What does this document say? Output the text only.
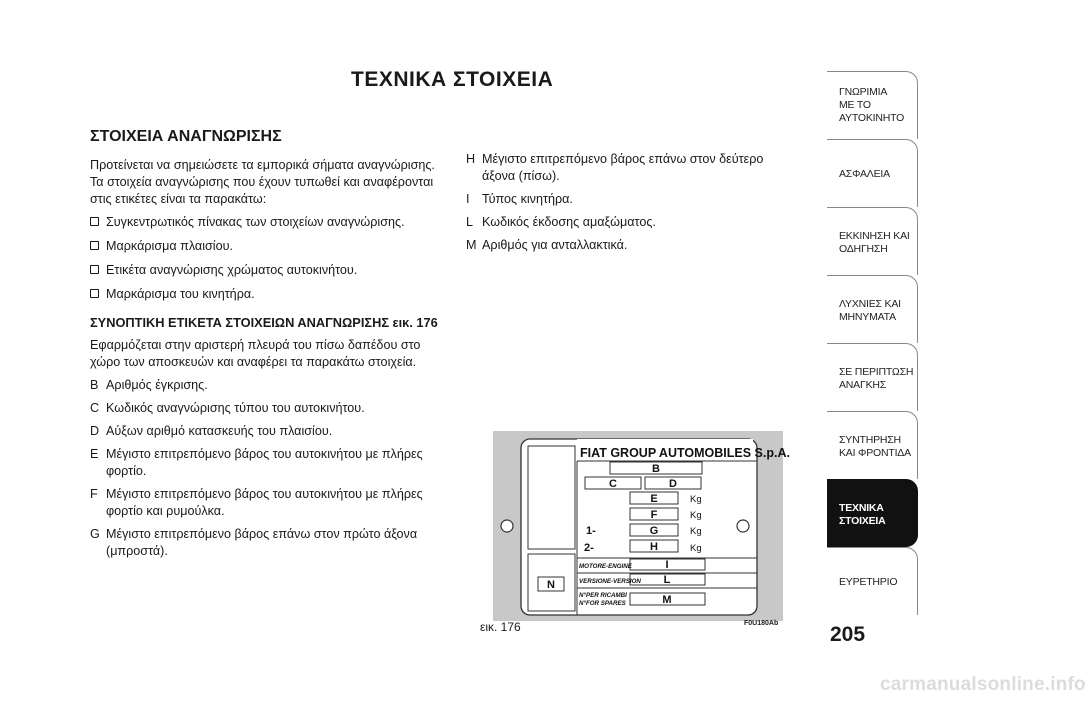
ΤΕΧΝΙΚΑ ΣΤΟΙΧΕΙΑ
ΣΤΟΙΧΕΙΑ ΑΝΑΓΝΩΡΙΣΗΣ
Προτείνεται να σημειώσετε τα εμπορικά σήματα αναγνώρισης. Τα στοιχεία αναγνώρισης που έχουν τυπωθεί και αναφέρονται στις ετικέτες είναι τα παρακάτω:
Συγκεντρωτικός πίνακας των στοιχείων αναγνώρισης.
Μαρκάρισμα πλαισίου.
Ετικέτα αναγνώρισης χρώματος αυτοκινήτου.
Μαρκάρισμα του κινητήρα.
ΣΥΝΟΠΤΙΚΗ ΕΤΙΚΕΤΑ ΣΤΟΙΧΕΙΩΝ ΑΝΑΓΝΩΡΙΣΗΣ εικ. 176
Εφαρμόζεται στην αριστερή πλευρά του πίσω δαπέδου στο χώρο των αποσκευών και αναφέρει τα παρακάτω στοιχεία.
B Αριθμός έγκρισης.
C Κωδικός αναγνώρισης τύπου του αυτοκινήτου.
D Αύξων αριθμό κατασκευής του πλαισίου.
E Μέγιστο επιτρεπόμενο βάρος του αυτοκινήτου με πλήρες φορτίο.
F Μέγιστο επιτρεπόμενο βάρος του αυτοκινήτου με πλήρες φορτίο και ρυμούλκα.
G Μέγιστο επιτρεπόμενο βάρος επάνω στον πρώτο άξονα (μπροστά).
H Μέγιστο επιτρεπόμενο βάρος επάνω στον δεύτερο άξονα (πίσω).
I Τύπος κινητήρα.
L Κωδικός έκδοσης αμαξώματος.
M Αριθμός για ανταλλακτικά.
FIAT GROUP AUTOMOBILES S.p.A.
B
C	D
E
F
G
H
I
L
M
N
Kg
Kg
Kg
Kg
1-
2-
MOTORE-ENGINE
VERSIONE-VERSION
N°PER RICAMBI
N°FOR SPARES
εικ. 176	F0U180Ab
ΓΝΩΡΙΜΙΑ
ΜΕ ΤΟ
ΑΥΤΟΚΙΝΗΤΟ
ΑΣΦΑΛΕΙΑ
ΕΚΚΙΝΗΣΗ ΚΑΙ
ΟΔΗΓΗΣΗ
ΛΥΧΝΙΕΣ ΚΑΙ
ΜΗΝΥΜΑΤΑ
ΣΕ ΠΕΡΙΠΤΩΣΗ
ΑΝΑΓΚΗΣ
ΣΥΝΤΗΡΗΣΗ
ΚΑΙ ΦΡΟΝΤΙΔΑ
ΤΕΧΝΙΚΑ
ΣΤΟΙΧΕΙΑ
ΕΥΡΕΤΗΡΙΟ
205
carmanualsonline.info
